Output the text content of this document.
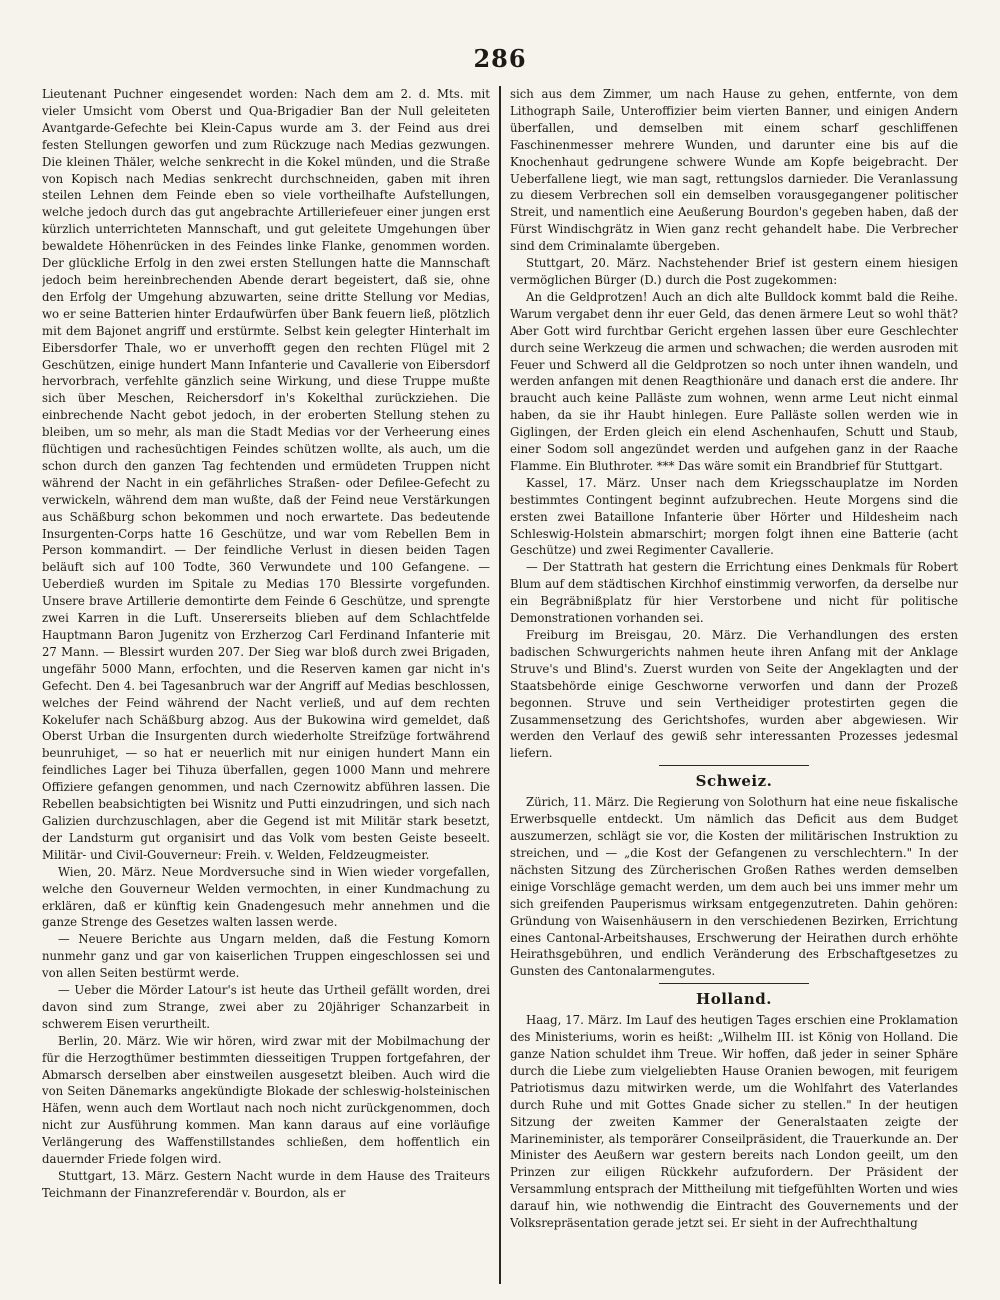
286

Lieutenant Puchner eingesendet worden: Nach dem am 2. d. Mts. mit vieler Umsicht vom Oberst und Qua-Brigadier Ban der Null geleiteten Avantgarde-Gefechte bei Klein-Capus wurde am 3. der Feind aus drei festen Stellungen geworfen und zum Rückzuge nach Medias gezwungen. Die kleinen Thäler, welche senkrecht in die Kokel münden, und die Straße von Kopisch nach Medias senkrecht durchschneiden, gaben mit ihren steilen Lehnen dem Feinde eben so viele vortheilhafte Aufstellungen, welche jedoch durch das gut angebrachte Artilleriefeuer einer jungen erst kürzlich unterrichteten Mannschaft, und gut geleitete Umgehungen über bewaldete Höhenrücken in des Feindes linke Flanke, genommen worden. Der glückliche Erfolg in den zwei ersten Stellungen hatte die Mannschaft jedoch beim hereinbrechenden Abende derart begeistert, daß sie, ohne den Erfolg der Umgehung abzuwarten, seine dritte Stellung vor Medias, wo er seine Batterien hinter Erdaufwürfen über Bank feuern ließ, plötzlich mit dem Bajonet angriff und erstürmte. Selbst kein gelegter Hinterhalt im Eibersdorfer Thale, wo er unverhofft gegen den rechten Flügel mit 2 Geschützen, einige hundert Mann Infanterie und Cavallerie von Eibersdorf hervorbrach, verfehlte gänzlich seine Wirkung, und diese Truppe mußte sich über Meschen, Reichersdorf in's Kokelthal zurückziehen. Die einbrechende Nacht gebot jedoch, in der eroberten Stellung stehen zu bleiben, um so mehr, als man die Stadt Medias vor der Verheerung eines flüchtigen und rachesüchtigen Feindes schützen wollte, als auch, um die schon durch den ganzen Tag fechtenden und ermüdeten Truppen nicht während der Nacht in ein gefährliches Straßen- oder Defilee-Gefecht zu verwickeln, während dem man wußte, daß der Feind neue Verstärkungen aus Schäßburg schon bekommen und noch erwartete. Das bedeutende Insurgenten-Corps hatte 16 Geschütze, und war vom Rebellen Bem in Person kommandirt. — Der feindliche Verlust in diesen beiden Tagen beläuft sich auf 100 Todte, 360 Verwundete und 100 Gefangene. — Ueberdieß wurden im Spitale zu Medias 170 Blessirte vorgefunden. Unsere brave Artillerie demontirte dem Feinde 6 Geschütze, und sprengte zwei Karren in die Luft. Unsererseits blieben auf dem Schlachtfelde Hauptmann Baron Jugenitz von Erzherzog Carl Ferdinand Infanterie mit 27 Mann. — Blessirt wurden 207. Der Sieg war bloß durch zwei Brigaden, ungefähr 5000 Mann, erfochten, und die Reserven kamen gar nicht in's Gefecht. Den 4. bei Tagesanbruch war der Angriff auf Medias beschlossen, welches der Feind während der Nacht verließ, und auf dem rechten Kokelufer nach Schäßburg abzog. Aus der Bukowina wird gemeldet, daß Oberst Urban die Insurgenten durch wiederholte Streifzüge fortwährend beunruhiget, — so hat er neuerlich mit nur einigen hundert Mann ein feindliches Lager bei Tihuza überfallen, gegen 1000 Mann und mehrere Offiziere gefangen genommen, und nach Czernowitz abführen lassen. Die Rebellen beabsichtigten bei Wisnitz und Putti einzudringen, und sich nach Galizien durchzuschlagen, aber die Gegend ist mit Militär stark besetzt, der Landsturm gut organisirt und das Volk vom besten Geiste beseelt. Militär- und Civil-Gouverneur: Freih. v. Welden, Feldzeugmeister.

Wien, 20. März. Neue Mordversuche sind in Wien wieder vorgefallen, welche den Gouverneur Welden vermochten, in einer Kundmachung zu erklären, daß er künftig kein Gnadengesuch mehr annehmen und die ganze Strenge des Gesetzes walten lassen werde.

— Neuere Berichte aus Ungarn melden, daß die Festung Komorn nunmehr ganz und gar von kaiserlichen Truppen eingeschlossen sei und von allen Seiten bestürmt werde.

— Ueber die Mörder Latour's ist heute das Urtheil gefällt worden, drei davon sind zum Strange, zwei aber zu 20jähriger Schanzarbeit in schwerem Eisen verurtheilt.

Berlin, 20. März. Wie wir hören, wird zwar mit der Mobilmachung der für die Herzogthümer bestimmten diesseitigen Truppen fortgefahren, der Abmarsch derselben aber einstweilen ausgesetzt bleiben. Auch wird die von Seiten Dänemarks angekündigte Blokade der schleswig-holsteinischen Häfen, wenn auch dem Wortlaut nach noch nicht zurückgenommen, doch nicht zur Ausführung kommen. Man kann daraus auf eine vorläufige Verlängerung des Waffenstillstandes schließen, dem hoffentlich ein dauernder Friede folgen wird.

Stuttgart, 13. März. Gestern Nacht wurde in dem Hause des Traiteurs Teichmann der Finanzreferendär v. Bourdon, als er

sich aus dem Zimmer, um nach Hause zu gehen, entfernte, von dem Lithograph Saile, Unteroffizier beim vierten Banner, und einigen Andern überfallen, und demselben mit einem scharf geschliffenen Faschinenmesser mehrere Wunden, und darunter eine bis auf die Knochenhaut gedrungene schwere Wunde am Kopfe beigebracht. Der Ueberfallene liegt, wie man sagt, rettungslos darnieder. Die Veranlassung zu diesem Verbrechen soll ein demselben vorausgegangener politischer Streit, und namentlich eine Aeußerung Bourdon's gegeben haben, daß der Fürst Windischgrätz in Wien ganz recht gehandelt habe. Die Verbrecher sind dem Criminalamte übergeben.

Stuttgart, 20. März. Nachstehender Brief ist gestern einem hiesigen vermöglichen Bürger (D.) durch die Post zugekommen:

An die Geldprotzen! Auch an dich alte Bulldock kommt bald die Reihe. Warum vergabet denn ihr euer Geld, das denen ärmere Leut so wohl thät? Aber Gott wird furchtbar Gericht ergehen lassen über eure Geschlechter durch seine Werkzeug die armen und schwachen; die werden ausroden mit Feuer und Schwerd all die Geldprotzen so noch unter ihnen wandeln, und werden anfangen mit denen Reagthionäre und danach erst die andere. Ihr braucht auch keine Palläste zum wohnen, wenn arme Leut nicht einmal haben, da sie ihr Haubt hinlegen. Eure Palläste sollen werden wie in Giglingen, der Erden gleich ein elend Aschenhaufen, Schutt und Staub, einer Sodom soll angezündet werden und aufgehen ganz in der Raache Flamme. Ein Bluthroter. *** Das wäre somit ein Brandbrief für Stuttgart.

Kassel, 17. März. Unser nach dem Kriegsschauplatze im Norden bestimmtes Contingent beginnt aufzubrechen. Heute Morgens sind die ersten zwei Bataillone Infanterie über Hörter und Hildesheim nach Schleswig-Holstein abmarschirt; morgen folgt ihnen eine Batterie (acht Geschütze) und zwei Regimenter Cavallerie.

— Der Stattrath hat gestern die Errichtung eines Denkmals für Robert Blum auf dem städtischen Kirchhof einstimmig verworfen, da derselbe nur ein Begräbnißplatz für hier Verstorbene und nicht für politische Demonstrationen vorhanden sei.

Freiburg im Breisgau, 20. März. Die Verhandlungen des ersten badischen Schwurgerichts nahmen heute ihren Anfang mit der Anklage Struve's und Blind's. Zuerst wurden von Seite der Angeklagten und der Staatsbehörde einige Geschworne verworfen und dann der Prozeß begonnen. Struve und sein Vertheidiger protestirten gegen die Zusammensetzung des Gerichtshofes, wurden aber abgewiesen. Wir werden den Verlauf des gewiß sehr interessanten Prozesses jedesmal liefern.

Schweiz.

Zürich, 11. März. Die Regierung von Solothurn hat eine neue fiskalische Erwerbsquelle entdeckt. Um nämlich das Deficit aus dem Budget auszumerzen, schlägt sie vor, die Kosten der militärischen Instruktion zu streichen, und — „die Kost der Gefangenen zu verschlechtern." In der nächsten Sitzung des Zürcherischen Großen Rathes werden demselben einige Vorschläge gemacht werden, um dem auch bei uns immer mehr um sich greifenden Pauperismus wirksam entgegenzutreten. Dahin gehören: Gründung von Waisenhäusern in den verschiedenen Bezirken, Errichtung eines Cantonal-Arbeitshauses, Erschwerung der Heirathen durch erhöhte Heirathsgebühren, und endlich Veränderung des Erbschaftgesetzes zu Gunsten des Cantonalarmengutes.

Holland.

Haag, 17. März. Im Lauf des heutigen Tages erschien eine Proklamation des Ministeriums, worin es heißt: „Wilhelm III. ist König von Holland. Die ganze Nation schuldet ihm Treue. Wir hoffen, daß jeder in seiner Sphäre durch die Liebe zum vielgeliebten Hause Oranien bewogen, mit feurigem Patriotismus dazu mitwirken werde, um die Wohlfahrt des Vaterlandes durch Ruhe und mit Gottes Gnade sicher zu stellen." In der heutigen Sitzung der zweiten Kammer der Generalstaaten zeigte der Marineminister, als temporärer Conseilpräsident, die Trauerkunde an. Der Minister des Aeußern war gestern bereits nach London geeilt, um den Prinzen zur eiligen Rückkehr aufzufordern. Der Präsident der Versammlung entsprach der Mittheilung mit tiefgefühlten Worten und wies darauf hin, wie nothwendig die Eintracht des Gouvernements und der Volksrepräsentation gerade jetzt sei. Er sieht in der Aufrechthaltung
